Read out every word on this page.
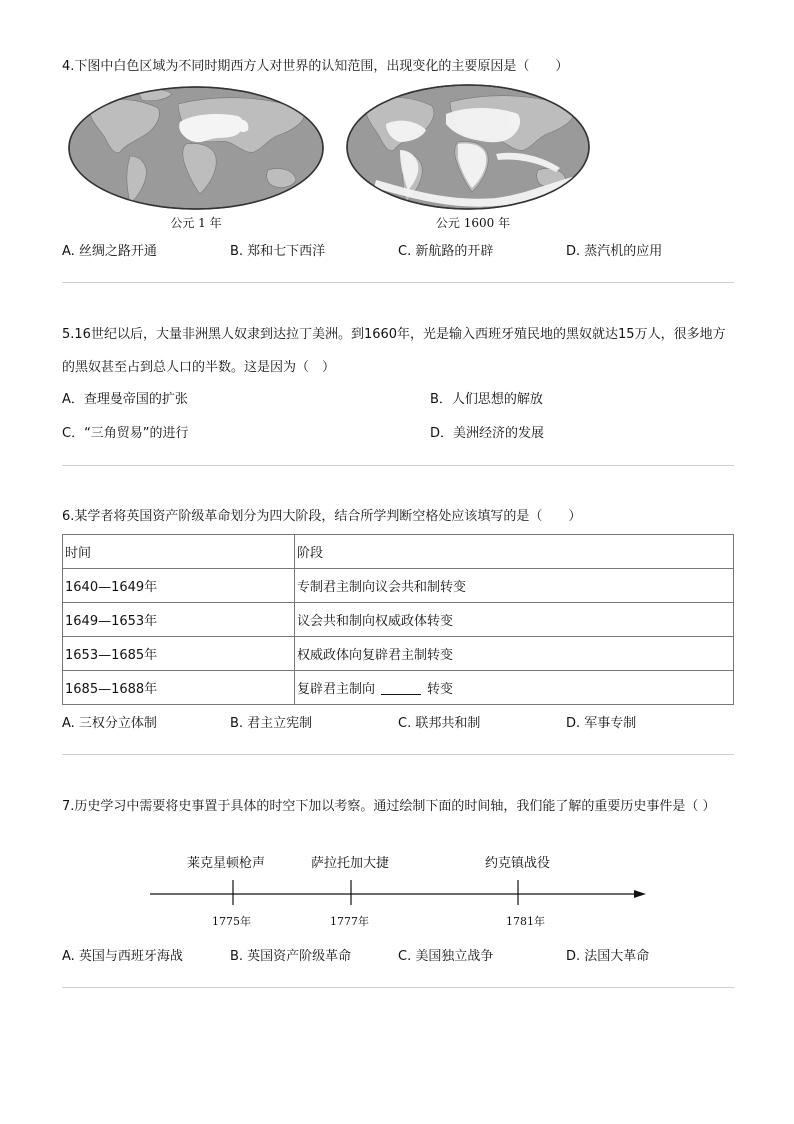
4.下图中白色区域为不同时期西方人对世界的认知范围，出现变化的主要原因是（　　）

公元 1 年	公元 1600 年
A. 丝绸之路开通	B. 郑和七下西洋	C. 新航路的开辟	D. 蒸汽机的应用

5.16世纪以后，大量非洲黑人奴隶到达拉丁美洲。到1660年，光是输入西班牙殖民地的黑奴就达15万人，很多地方的黑奴甚至占到总人口的半数。这是因为（　）

A．查理曼帝国的扩张	B．人们思想的解放
C．“三角贸易”的进行	D．美洲经济的发展

6.某学者将英国资产阶级革命划分为四大阶段，结合所学判断空格处应该填写的是（　　）

时间	阶段
1640—1649年	专制君主制向议会共和制转变
1649—1653年	议会共和制向权威政体转变
1653—1685年	权威政体向复辟君主制转变
1685—1688年	复辟君主制向 转变
A. 三权分立体制	B. 君主立宪制	C. 联邦共和制	D. 军事专制

7.历史学习中需要将史事置于具体的时空下加以考察。通过绘制下面的时间轴，我们能了解的重要历史事件是（ ）

莱克星顿枪声	萨拉托加大捷	约克镇战役
1775年	1777年	1781年
A. 英国与西班牙海战	B. 英国资产阶级革命	C. 美国独立战争	D. 法国大革命
